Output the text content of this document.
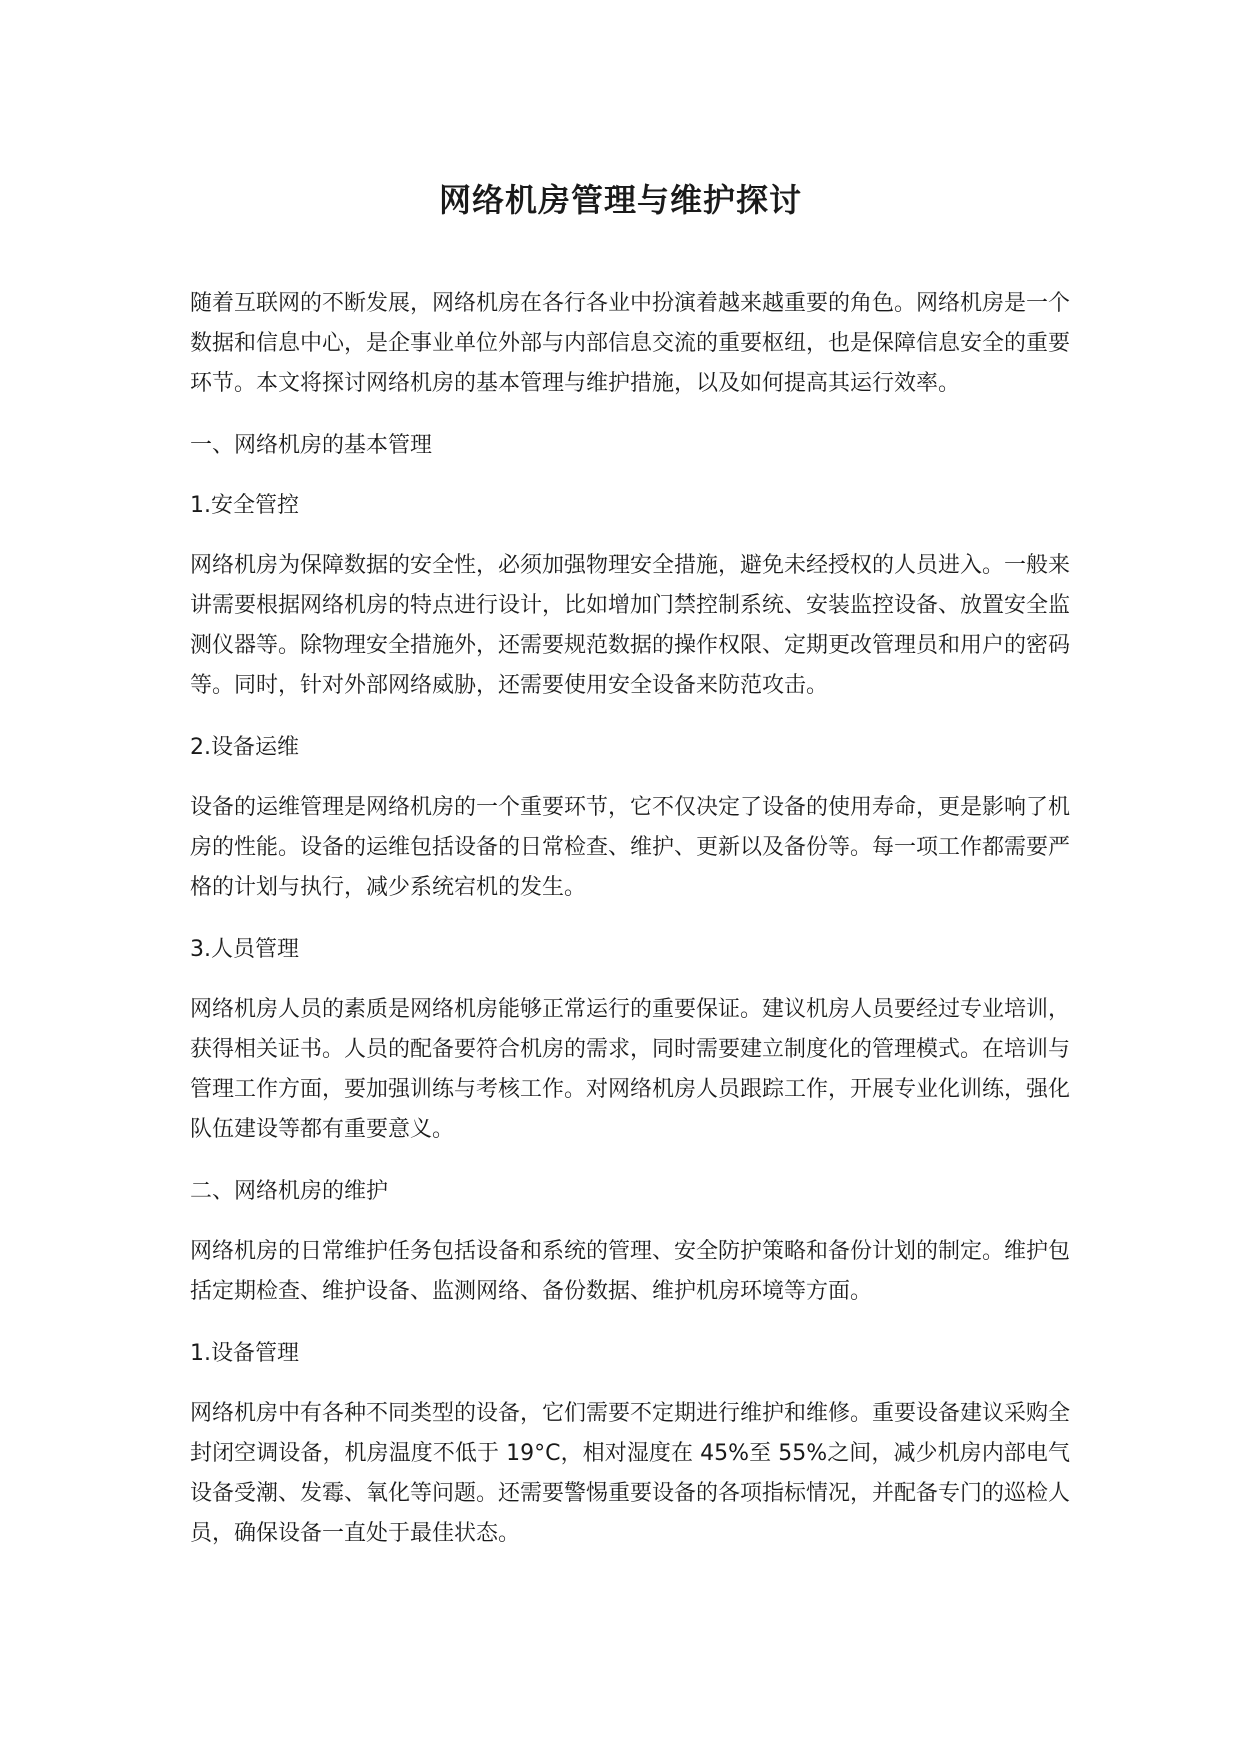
网络机房管理与维护探讨

随着互联网的不断发展，网络机房在各行各业中扮演着越来越重要的角色。网络机房是一个数据和信息中心，是企事业单位外部与内部信息交流的重要枢纽，也是保障信息安全的重要环节。本文将探讨网络机房的基本管理与维护措施，以及如何提高其运行效率。

一、网络机房的基本管理

1.安全管控

网络机房为保障数据的安全性，必须加强物理安全措施，避免未经授权的人员进入。一般来讲需要根据网络机房的特点进行设计，比如增加门禁控制系统、安装监控设备、放置安全监测仪器等。除物理安全措施外，还需要规范数据的操作权限、定期更改管理员和用户的密码等。同时，针对外部网络威胁，还需要使用安全设备来防范攻击。

2.设备运维

设备的运维管理是网络机房的一个重要环节，它不仅决定了设备的使用寿命，更是影响了机房的性能。设备的运维包括设备的日常检查、维护、更新以及备份等。每一项工作都需要严格的计划与执行，减少系统宕机的发生。

3.人员管理

网络机房人员的素质是网络机房能够正常运行的重要保证。建议机房人员要经过专业培训，获得相关证书。人员的配备要符合机房的需求，同时需要建立制度化的管理模式。在培训与管理工作方面，要加强训练与考核工作。对网络机房人员跟踪工作，开展专业化训练，强化队伍建设等都有重要意义。

二、网络机房的维护

网络机房的日常维护任务包括设备和系统的管理、安全防护策略和备份计划的制定。维护包括定期检查、维护设备、监测网络、备份数据、维护机房环境等方面。

1.设备管理

网络机房中有各种不同类型的设备，它们需要不定期进行维护和维修。重要设备建议采购全封闭空调设备，机房温度不低于 19°C，相对湿度在 45%至 55%之间，减少机房内部电气设备受潮、发霉、氧化等问题。还需要警惕重要设备的各项指标情况，并配备专门的巡检人员，确保设备一直处于最佳状态。
